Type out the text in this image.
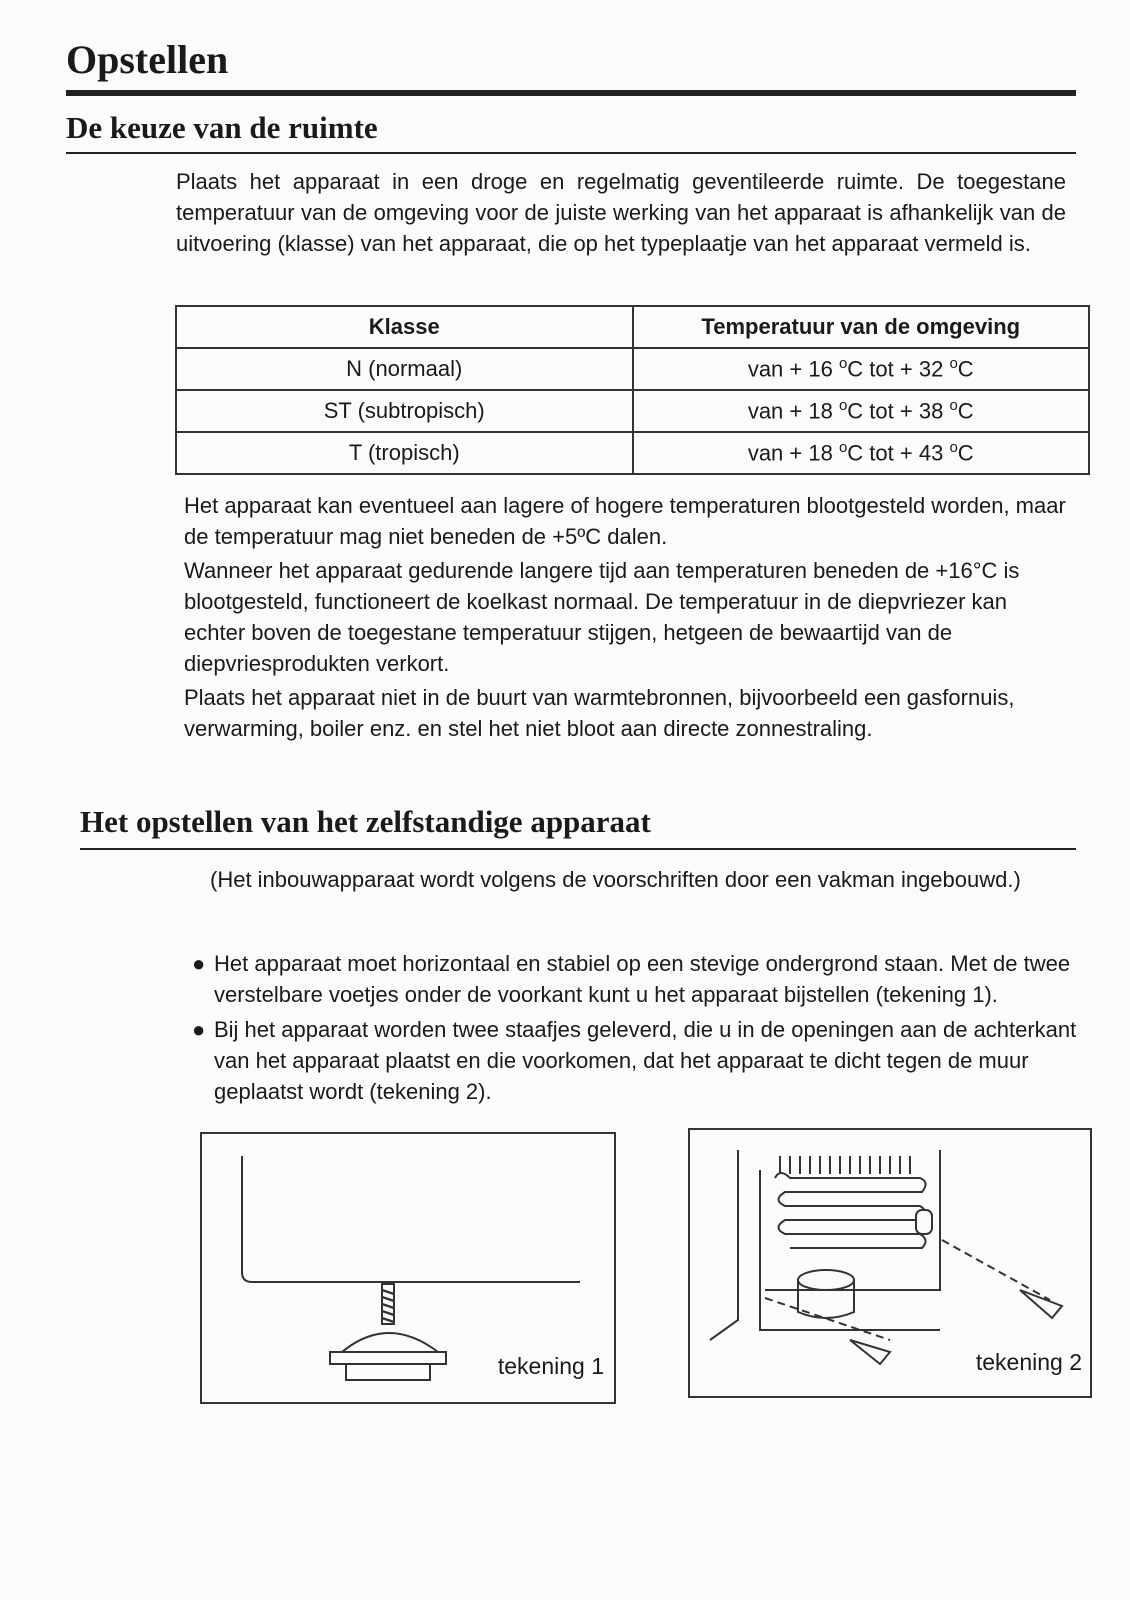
Opstellen
De keuze van de ruimte

Plaats het apparaat in een droge en regelmatig geventileerde ruimte. De toegestane temperatuur van de omgeving voor de juiste werking van het apparaat is afhankelijk van de uitvoering (klasse) van het apparaat, die op het typeplaatje van het apparaat vermeld is.

Klasse	Temperatuur van de omgeving
N (normaal)	van + 16 $^o$C tot + 32 $^o$C
ST (subtropisch)	van + 18 $^o$C tot + 38 $^o$C
T (tropisch)	van + 18 $^o$C tot + 43 $^o$C

Het apparaat kan eventueel aan lagere of hogere temperaturen blootgesteld worden, maar de temperatuur mag niet beneden de +5ºC dalen.

Wanneer het apparaat gedurende langere tijd aan temperaturen beneden de +16°C is blootgesteld, functioneert de koelkast normaal. De temperatuur in de diepvriezer kan echter boven de toegestane temperatuur stijgen, hetgeen de bewaartijd van de diepvriesprodukten verkort.

Plaats het apparaat niet in de buurt van warmtebronnen, bijvoorbeeld een gasfornuis, verwarming, boiler enz. en stel het niet bloot aan directe zonnestraling.

Het opstellen van het zelfstandige apparaat

(Het inbouwapparaat wordt volgens de voorschriften door een vakman ingebouwd.)

● Het apparaat moet horizontaal en stabiel op een stevige ondergrond staan. Met de twee verstelbare voetjes onder de voorkant kunt u het apparaat bijstellen (tekening 1).
● Bij het apparaat worden twee staafjes geleverd, die u in de openingen aan de achterkant van het apparaat plaatst en die voorkomen, dat het apparaat te dicht tegen de muur geplaatst wordt (tekening 2).
tekening 1	tekening 2
